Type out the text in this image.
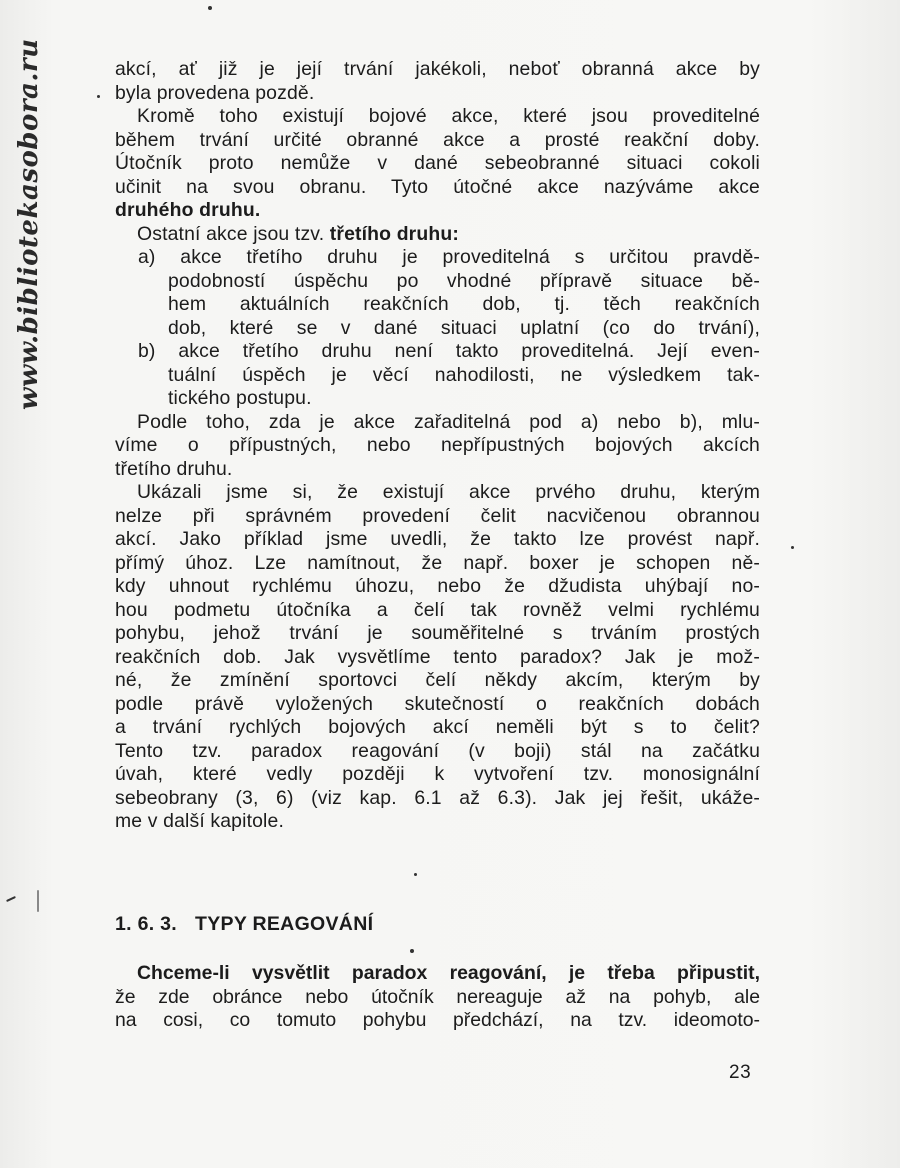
www.bibliotekasobora.ru	akcí, ať již je její trvání jakékoli, neboť obranná akce by
byla provedena pozdě.
Kromě toho existují bojové akce, které jsou proveditelné
během trvání určité obranné akce a prosté reakční doby.
Útočník proto nemůže v dané sebeobranné situaci cokoli
učinit na svou obranu. Tyto útočné akce nazýváme akce
druhého druhu.
Ostatní akce jsou tzv. třetího druhu:
a) akce třetího druhu je proveditelná s určitou pravdě-
podobností úspěchu po vhodné přípravě situace bě-
hem aktuálních reakčních dob, tj. těch reakčních
dob, které se v dané situaci uplatní (co do trvání),
b) akce třetího druhu není takto proveditelná. Její even-
tuální úspěch je věcí nahodilosti, ne výsledkem tak-
tického postupu.
Podle toho, zda je akce zařaditelná pod a) nebo b), mlu-
víme o přípustných, nebo nepřípustných bojových akcích
třetího druhu.
Ukázali jsme si, že existují akce prvého druhu, kterým
nelze při správném provedení čelit nacvičenou obrannou
akcí. Jako příklad jsme uvedli, že takto lze provést např.
přímý úhoz. Lze namítnout, že např. boxer je schopen ně-
kdy uhnout rychlému úhozu, nebo že džudista uhýbají no-
hou podmetu útočníka a čelí tak rovněž velmi rychlému
pohybu, jehož trvání je souměřitelné s trváním prostých
reakčních dob. Jak vysvětlíme tento paradox? Jak je mož-
né, že zmínění sportovci čelí někdy akcím, kterým by
podle právě vyložených skutečností o reakčních dobách
a trvání rychlých bojových akcí neměli být s to čelit?
Tento tzv. paradox reagování (v boji) stál na začátku
úvah, které vedly později k vytvoření tzv. monosignální
sebeobrany (3, 6) (viz kap. 6.1 až 6.3). Jak jej řešit, ukáže-
me v další kapitole.
1. 6. 3. TYPY REAGOVÁNÍ
Chceme-li vysvětlit paradox reagování, je třeba připustit,
že zde obránce nebo útočník nereaguje až na pohyb, ale
na cosi, co tomuto pohybu předchází, na tzv. ideomoto-
23
